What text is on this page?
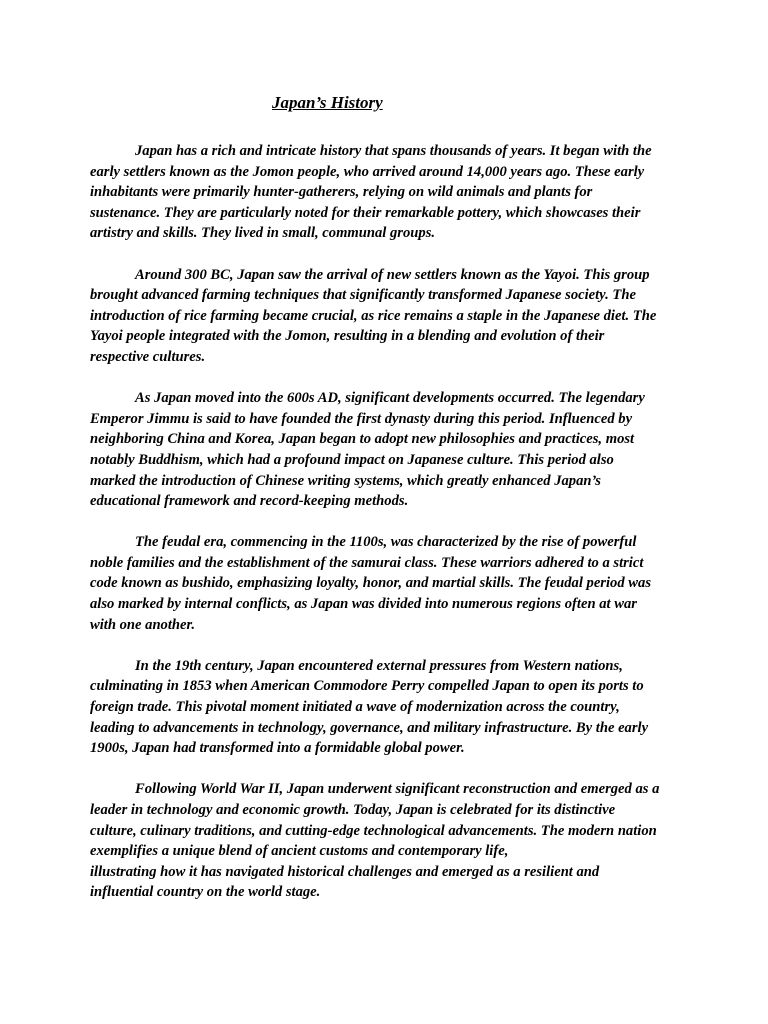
Japan’s History

Japan has a rich and intricate history that spans thousands of years. It began with the
early settlers known as the Jomon people, who arrived around 14,000 years ago. These early
inhabitants were primarily hunter-gatherers, relying on wild animals and plants for
sustenance. They are particularly noted for their remarkable pottery, which showcases their
artistry and skills. They lived in small, communal groups.

Around 300 BC, Japan saw the arrival of new settlers known as the Yayoi. This group
brought advanced farming techniques that significantly transformed Japanese society. The
introduction of rice farming became crucial, as rice remains a staple in the Japanese diet. The
Yayoi people integrated with the Jomon, resulting in a blending and evolution of their
respective cultures.

As Japan moved into the 600s AD, significant developments occurred. The legendary
Emperor Jimmu is said to have founded the first dynasty during this period. Influenced by
neighboring China and Korea, Japan began to adopt new philosophies and practices, most
notably Buddhism, which had a profound impact on Japanese culture. This period also
marked the introduction of Chinese writing systems, which greatly enhanced Japan’s
educational framework and record-keeping methods.

The feudal era, commencing in the 1100s, was characterized by the rise of powerful
noble families and the establishment of the samurai class. These warriors adhered to a strict
code known as bushido, emphasizing loyalty, honor, and martial skills. The feudal period was
also marked by internal conflicts, as Japan was divided into numerous regions often at war
with one another.

In the 19th century, Japan encountered external pressures from Western nations,
culminating in 1853 when American Commodore Perry compelled Japan to open its ports to
foreign trade. This pivotal moment initiated a wave of modernization across the country,
leading to advancements in technology, governance, and military infrastructure. By the early
1900s, Japan had transformed into a formidable global power.

Following World War II, Japan underwent significant reconstruction and emerged as a
leader in technology and economic growth. Today, Japan is celebrated for its distinctive
culture, culinary traditions, and cutting-edge technological advancements. The modern nation
exemplifies a unique blend of ancient customs and contemporary life,
illustrating how it has navigated historical challenges and emerged as a resilient and
influential country on the world stage.
